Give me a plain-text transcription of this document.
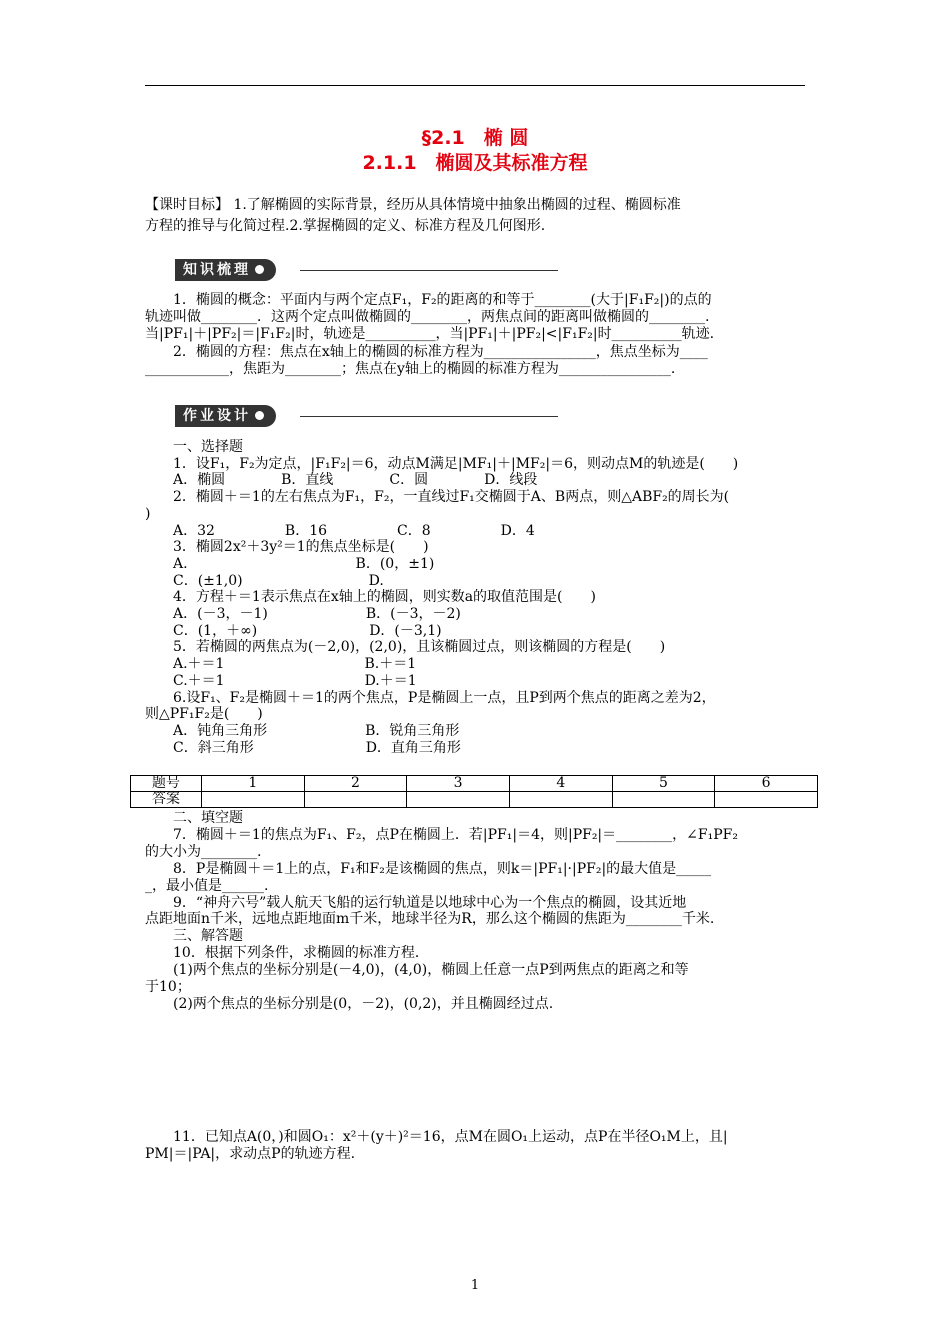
§2.1　椭 圆
2.1.1　椭圆及其标准方程
【课时目标】 1.了解椭圆的实际背景，经历从具体情境中抽象出椭圆的过程、椭圆标准
方程的推导与化简过程.2.掌握椭圆的定义、标准方程及几何图形.
知识梳理
　　1．椭圆的概念：平面内与两个定点F₁，F₂的距离的和等于________(大于|F₁F₂|)的点的
轨迹叫做________．这两个定点叫做椭圆的________，两焦点间的距离叫做椭圆的________.
当|PF₁|＋|PF₂|＝|F₁F₂|时，轨迹是__________，当|PF₁|＋|PF₂|<|F₁F₂|时__________轨迹.
　　2．椭圆的方程：焦点在x轴上的椭圆的标准方程为________________，焦点坐标为____
____________，焦距为________；焦点在y轴上的椭圆的标准方程为________________.
作业设计
　　一、选择题
　　1．设F₁，F₂为定点，|F₁F₂|＝6，动点M满足|MF₁|＋|MF₂|＝6，则动点M的轨迹是(　　)
　　A．椭圆　　　　B．直线　　　　C．圆　　　　D．线段
　　2．椭圆＋＝1的左右焦点为F₁，F₂，一直线过F₁交椭圆于A、B两点，则△ABF₂的周长为(
)
　　A．32　　　　　B．16　　　　　C．8　　　　　D．4
　　3．椭圆2x²＋3y²＝1的焦点坐标是(　　)
　　A.　　　　　　　　　　　　B．(0，±1)
　　C．(±1,0)　　　　　　　　　D.
　　4．方程＋＝1表示焦点在x轴上的椭圆，则实数a的取值范围是(　　)
　　A．(－3，－1)　　　　　　　B．(－3，－2)
　　C．(1，＋∞)　　　　　　　　D．(－3,1)
　　5．若椭圆的两焦点为(－2,0)，(2,0)，且该椭圆过点，则该椭圆的方程是(　　)
　　A.＋＝1　　　　　　　　　　B.＋＝1
　　C.＋＝1　　　　　　　　　　D.＋＝1
　　6.设F₁、F₂是椭圆＋＝1的两个焦点，P是椭圆上一点，且P到两个焦点的距离之差为2，
则△PF₁F₂是(　　)
　　A．钝角三角形　　　　　　　B．锐角三角形
　　C．斜三角形　　　　　　　　D．直角三角形
题号	1	2	3	4	5	6
答案						
　　二、填空题
　　7．椭圆＋＝1的焦点为F₁、F₂，点P在椭圆上．若|PF₁|＝4，则|PF₂|＝________，∠F₁PF₂
的大小为________.
　　8．P是椭圆＋＝1上的点，F₁和F₂是该椭圆的焦点，则k＝|PF₁|·|PF₂|的最大值是_____
_，最小值是______.
　　9．“神舟六号”载人航天飞船的运行轨道是以地球中心为一个焦点的椭圆，设其近地
点距地面n千米，远地点距地面m千米，地球半径为R，那么这个椭圆的焦距为________千米.
　　三、解答题
　　10．根据下列条件，求椭圆的标准方程．
　　(1)两个焦点的坐标分别是(－4,0)，(4,0)，椭圆上任意一点P到两焦点的距离之和等
于10；
　　(2)两个焦点的坐标分别是(0，－2)，(0,2)，并且椭圆经过点.
　　11．已知点A(0，)和圆O₁：x²＋(y＋)²＝16，点M在圆O₁上运动，点P在半径O₁M上，且|
PM|＝|PA|，求动点P的轨迹方程.
1
